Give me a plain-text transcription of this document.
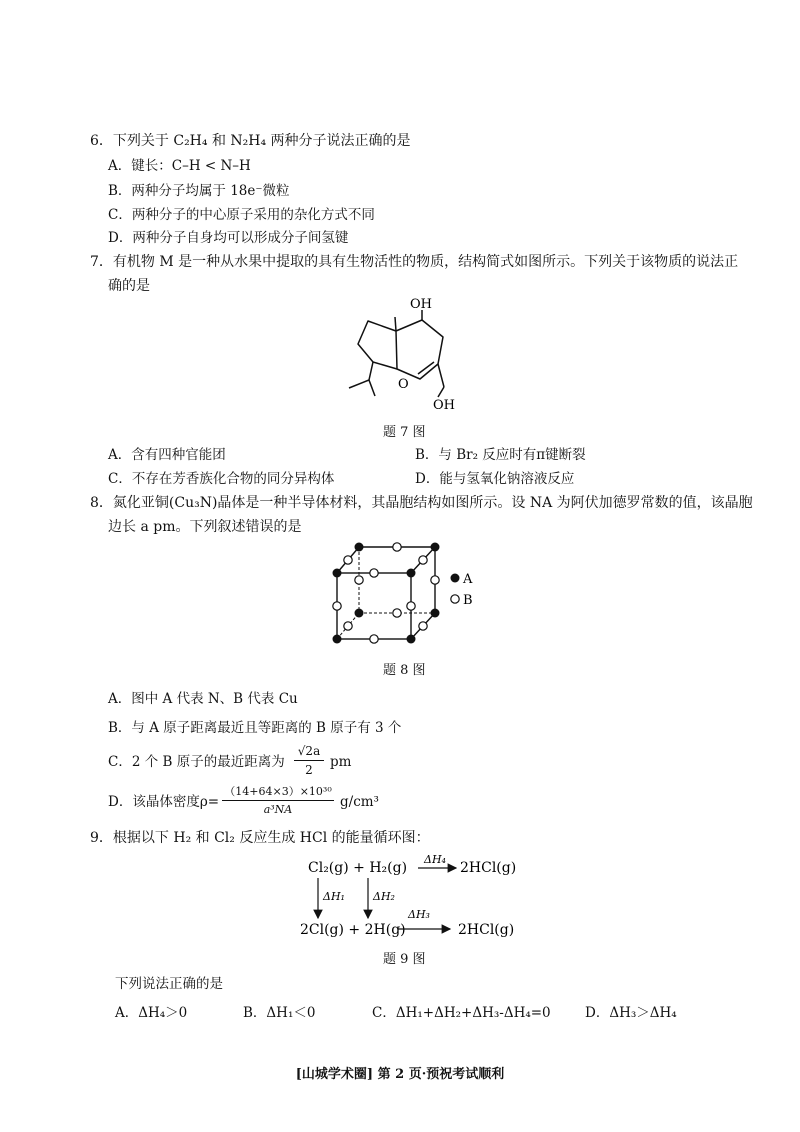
6．下列关于 C₂H₄ 和 N₂H₄ 两种分子说法正确的是
A．键长：C–H < N–H
B．两种分子均属于 18e⁻微粒
C．两种分子的中心原子采用的杂化方式不同
D．两种分子自身均可以形成分子间氢键
7．有机物 M 是一种从水果中提取的具有生物活性的物质，结构简式如图所示。下列关于该物质的说法正
确的是
OH
O
OH
题 7 图
A．含有四种官能团	B．与 Br₂ 反应时有π键断裂
C．不存在芳香族化合物的同分异构体	D．能与氢氧化钠溶液反应
8．氮化亚铜(Cu₃N)晶体是一种半导体材料，其晶胞结构如图所示。设 NA 为阿伏加德罗常数的值，该晶胞
边长 a pm。下列叙述错误的是
A
B
题 8 图
A．图中 A 代表 N、B 代表 Cu
B．与 A 原子距离最近且等距离的 B 原子有 3 个
C．2 个 B 原子的最近距离为
√2a
2	pm
D．该晶体密度ρ=
（14+64×3）×10³⁰
a³NA	g/cm³
9．根据以下 H₂ 和 Cl₂ 反应生成 HCl 的能量循环图：
Cl₂(g) + H₂(g)
ΔH₄
2HCl(g)
ΔH₁	ΔH₂
2Cl(g) + 2H(g)
ΔH₃
2HCl(g)
题 9 图
下列说法正确的是
A．ΔH₄＞0	B．ΔH₁＜0	C．ΔH₁+ΔH₂+ΔH₃-ΔH₄=0	D．ΔH₃＞ΔH₄
[山城学术圈] 第 2 页·预祝考试顺利
